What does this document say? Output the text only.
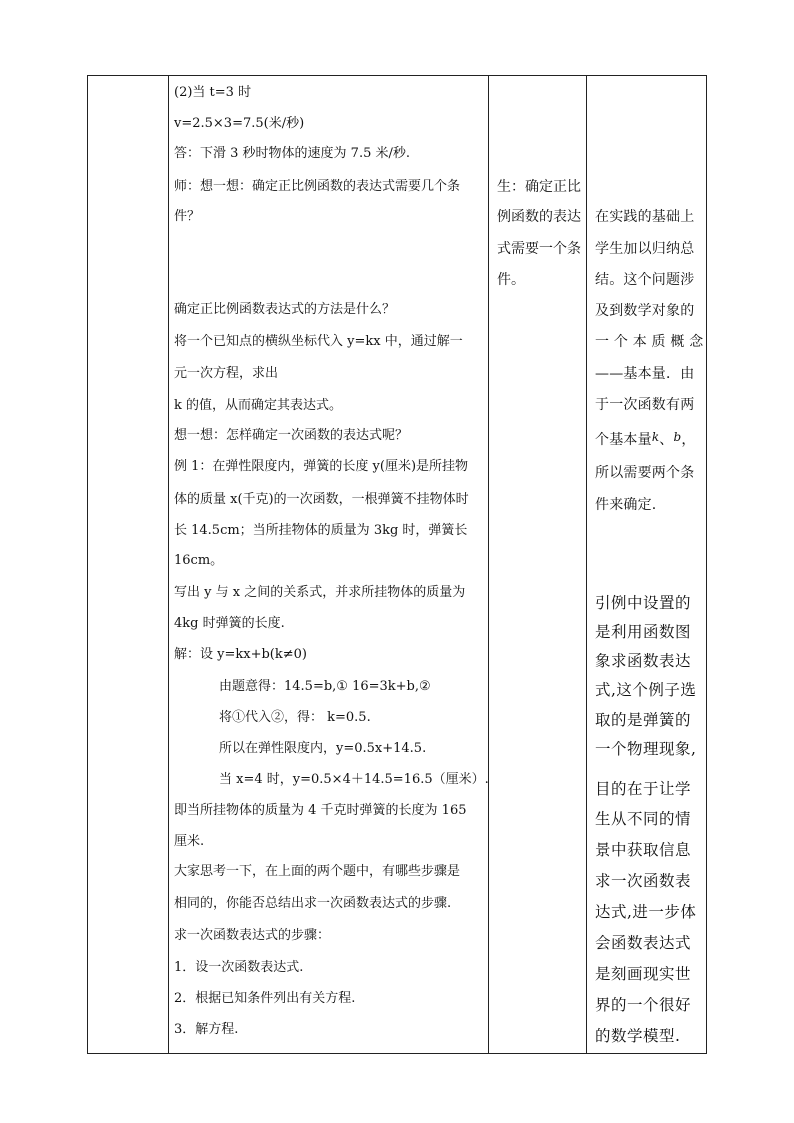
(2)当 t=3 时
v=2.5×3=7.5(米/秒)
答：下滑 3 秒时物体的速度为 7.5 米/秒.
师：想一想：确定正比例函数的表达式需要几个条
件？
确定正比例函数表达式的方法是什么？
将一个已知点的横纵坐标代入 y=kx 中，通过解一
元一次方程，求出
k 的值，从而确定其表达式。
想一想：怎样确定一次函数的表达式呢？
例 1：在弹性限度内，弹簧的长度 y(厘米)是所挂物
体的质量 x(千克)的一次函数，一根弹簧不挂物体时
长 14.5cm；当所挂物体的质量为 3kg 时，弹簧长
16cm。
写出 y 与 x 之间的关系式，并求所挂物体的质量为
4kg 时弹簧的长度.
解：设 y=kx+b(k≠0)
由题意得：14.5=b,① 16=3k+b,②
将①代入②，得： k=0.5.
所以在弹性限度内，y=0.5x+14.5.
当 x=4 时，y=0.5×4＋14.5=16.5（厘米）.
即当所挂物体的质量为 4 千克时弹簧的长度为 165
厘米.
大家思考一下，在上面的两个题中，有哪些步骤是
相同的，你能否总结出求一次函数表达式的步骤.
求一次函数表达式的步骤：
1．设一次函数表达式.
2．根据已知条件列出有关方程.
3．解方程.
生：确定正比
例函数的表达
式需要一个条
件。
在实践的基础上
学生加以归纳总
结。这个问题涉
及到数学对象的
一 个 本 质 概 念
——基本量．由
于一次函数有两
个基本量k、b，
所以需要两个条
件来确定.
引例中设置的
是利用函数图
象求函数表达
式,这个例子选
取的是弹簧的
一个物理现象,
目的在于让学
生从不同的情
景中获取信息
求一次函数表
达式,进一步体
会函数表达式
是刻画现实世
界的一个很好
的数学模型.
